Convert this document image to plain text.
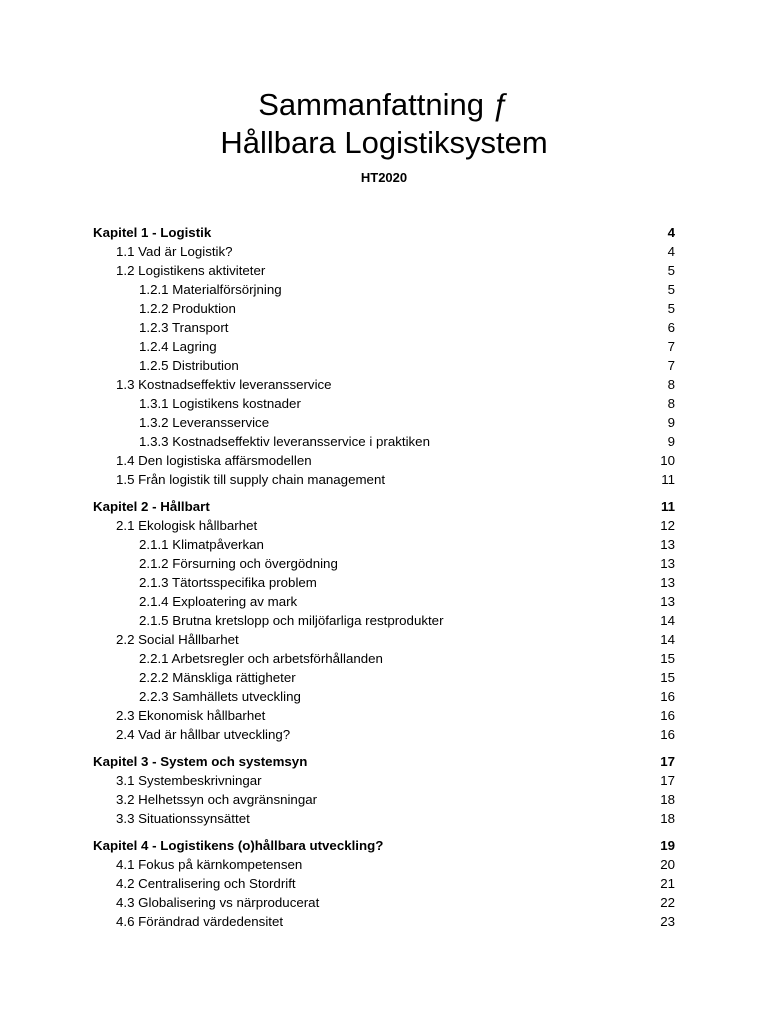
Sammanfattning ƒ
Hållbara Logistiksystem
HT2020
Kapitel 1 - Logistik	4
1.1 Vad är Logistik?	4
1.2 Logistikens aktiviteter	5
1.2.1 Materialförsörjning	5
1.2.2 Produktion	5
1.2.3 Transport	6
1.2.4 Lagring	7
1.2.5 Distribution	7
1.3 Kostnadseffektiv leveransservice	8
1.3.1 Logistikens kostnader	8
1.3.2 Leveransservice	9
1.3.3 Kostnadseffektiv leveransservice i praktiken	9
1.4 Den logistiska affärsmodellen	10
1.5 Från logistik till supply chain management	11
Kapitel 2 - Hållbart	11
2.1 Ekologisk hållbarhet	12
2.1.1 Klimatpåverkan	13
2.1.2 Försurning och övergödning	13
2.1.3 Tätortsspecifika problem	13
2.1.4 Exploatering av mark	13
2.1.5 Brutna kretslopp och miljöfarliga restprodukter	14
2.2 Social Hållbarhet	14
2.2.1 Arbetsregler och arbetsförhållanden	15
2.2.2 Mänskliga rättigheter	15
2.2.3 Samhällets utveckling	16
2.3 Ekonomisk hållbarhet	16
2.4 Vad är hållbar utveckling?	16
Kapitel 3 - System och systemsyn	17
3.1 Systembeskrivningar	17
3.2 Helhetssyn och avgränsningar	18
3.3 Situationssynsättet	18
Kapitel 4 - Logistikens (o)hållbara utveckling?	19
4.1 Fokus på kärnkompetensen	20
4.2 Centralisering och Stordrift	21
4.3 Globalisering vs närproducerat	22
4.6 Förändrad värdedensitet	23
